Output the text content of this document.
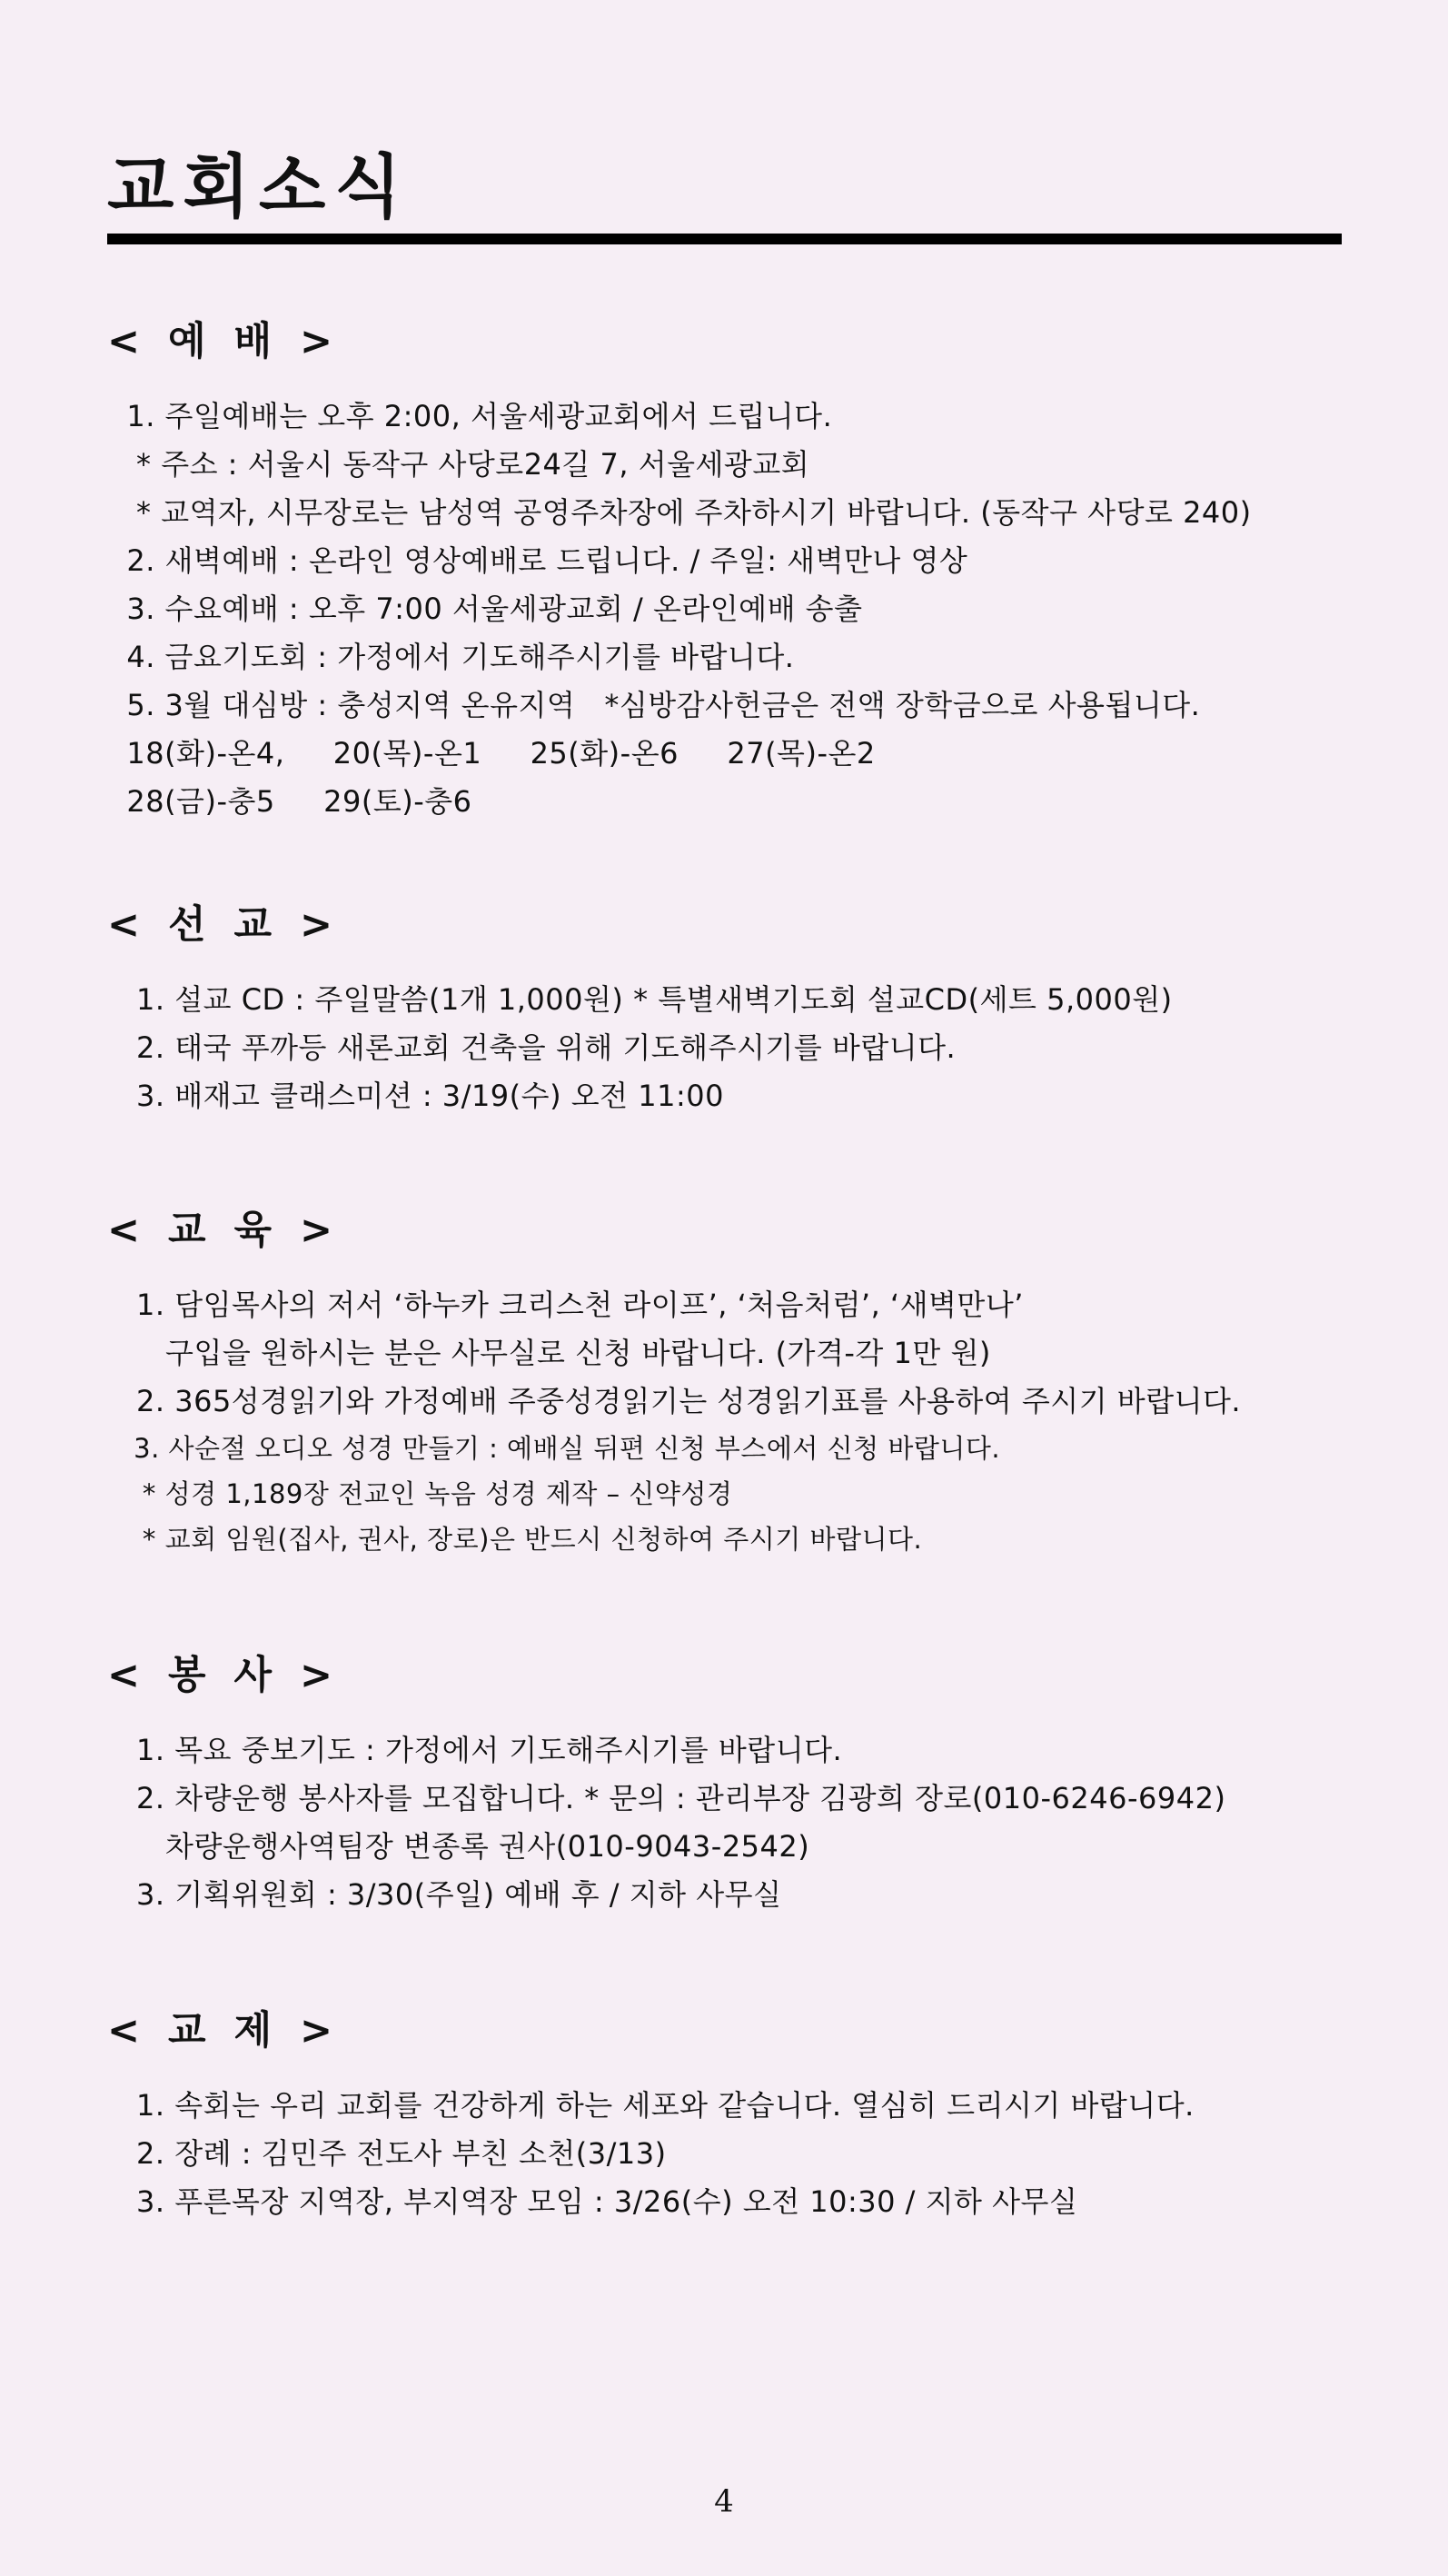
교회소식
< 예 배 >
1. 주일예배는 오후 2:00, 서울세광교회에서 드립니다.
* 주소 : 서울시 동작구 사당로24길 7, 서울세광교회
* 교역자, 시무장로는 남성역 공영주차장에 주차하시기 바랍니다. (동작구 사당로 240)
2. 새벽예배 : 온라인 영상예배로 드립니다. / 주일: 새벽만나 영상
3. 수요예배 : 오후 7:00 서울세광교회 / 온라인예배 송출
4. 금요기도회 : 가정에서 기도해주시기를 바랍니다.
5. 3월 대심방 : 충성지역 온유지역   *심방감사헌금은 전액 장학금으로 사용됩니다.
18(화)-온4,     20(목)-온1     25(화)-온6     27(목)-온2
28(금)-충5     29(토)-충6
< 선 교 >
1. 설교 CD : 주일말씀(1개 1,000원) * 특별새벽기도회 설교CD(세트 5,000원)
2. 태국 푸까등 새론교회 건축을 위해 기도해주시기를 바랍니다.
3. 배재고 클래스미션 : 3/19(수) 오전 11:00
< 교 육 >
1. 담임목사의 저서 ‘하누카 크리스천 라이프’, ‘처음처럼’, ‘새벽만나’
구입을 원하시는 분은 사무실로 신청 바랍니다. (가격-각 1만 원)
2. 365성경읽기와 가정예배 주중성경읽기는 성경읽기표를 사용하여 주시기 바랍니다.
3. 사순절 오디오 성경 만들기 : 예배실 뒤편 신청 부스에서 신청 바랍니다.
* 성경 1,189장 전교인 녹음 성경 제작 – 신약성경
* 교회 임원(집사, 권사, 장로)은 반드시 신청하여 주시기 바랍니다.
< 봉 사 >
1. 목요 중보기도 : 가정에서 기도해주시기를 바랍니다.
2. 차량운행 봉사자를 모집합니다. * 문의 : 관리부장 김광희 장로(010-6246-6942)
차량운행사역팀장 변종록 권사(010-9043-2542)
3. 기획위원회 : 3/30(주일) 예배 후 / 지하 사무실
< 교 제 >
1. 속회는 우리 교회를 건강하게 하는 세포와 같습니다. 열심히 드리시기 바랍니다.
2. 장례 : 김민주 전도사 부친 소천(3/13)
3. 푸른목장 지역장, 부지역장 모임 : 3/26(수) 오전 10:30 / 지하 사무실
4
